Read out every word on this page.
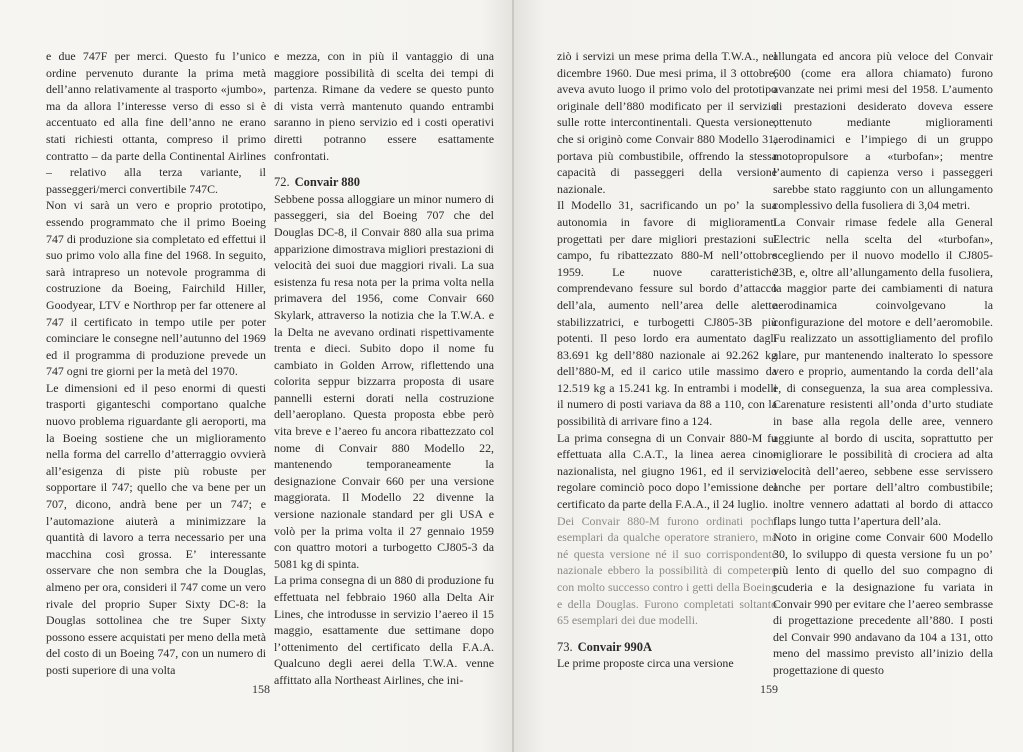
e due 747F per merci. Questo fu l’unico ordine pervenuto durante la prima metà dell’anno relativamente al trasporto «jumbo», ma da allora l’interesse verso di esso si è accentuato ed alla fine dell’anno ne erano stati richiesti ottanta, compreso il primo contratto – da parte della Continental Airlines – relativo alla terza variante, il passeggeri/merci convertibile 747C.

Non vi sarà un vero e proprio prototipo, essendo programmato che il primo Boeing 747 di produzione sia completato ed effettui il suo primo volo alla fine del 1968. In seguito, sarà intrapreso un notevole programma di costruzione da Boeing, Fairchild Hiller, Goodyear, LTV e Northrop per far ottenere al 747 il certificato in tempo utile per poter cominciare le consegne nell’autunno del 1969 ed il programma di produzione prevede un 747 ogni tre giorni per la metà del 1970.

Le dimensioni ed il peso enormi di questi trasporti giganteschi comportano qualche nuovo problema riguardante gli aeroporti, ma la Boeing sostiene che un miglioramento nella forma del carrello d’atterraggio ovvierà all’esigenza di piste più robuste per sopportare il 747; quello che va bene per un 707, dicono, andrà bene per un 747; e l’automazione aiuterà a minimizzare la quantità di lavoro a terra necessario per una macchina così grossa. E’ interessante osservare che non sembra che la Douglas, almeno per ora, consideri il 747 come un vero rivale del proprio Super Sixty DC-8: la Douglas sottolinea che tre Super Sixty possono essere acquistati per meno della metà del costo di un Boeing 747, con un numero di posti superiore di una volta

e mezza, con in più il vantaggio di una maggiore possibilità di scelta dei tempi di partenza. Rimane da vedere se questo punto di vista verrà mantenuto quando entrambi saranno in pieno servizio ed i costi operativi diretti potranno essere esattamente confrontati.

72. Convair 880

Sebbene possa alloggiare un minor numero di passeggeri, sia del Boeing 707 che del Douglas DC-8, il Convair 880 alla sua prima apparizione dimostrava migliori prestazioni di velocità dei suoi due maggiori rivali. La sua esistenza fu resa nota per la prima volta nella primavera del 1956, come Convair 660 Skylark, attraverso la notizia che la T.W.A. e la Delta ne avevano ordinati rispettivamente trenta e dieci. Subito dopo il nome fu cambiato in Golden Arrow, riflettendo una colorita seppur bizzarra proposta di usare pannelli esterni dorati nella costruzione dell’aeroplano. Questa proposta ebbe però vita breve e l’aereo fu ancora ribattezzato col nome di Convair 880 Modello 22, mantenendo temporaneamente la designazione Convair 660 per una versione maggiorata. Il Modello 22 divenne la versione nazionale standard per gli USA e volò per la prima volta il 27 gennaio 1959 con quattro motori a turbogetto CJ805-3 da 5081 kg di spinta.

La prima consegna di un 880 di produzione fu effettuata nel febbraio 1960 alla Delta Air Lines, che introdusse in servizio l’aereo il 15 maggio, esattamente due settimane dopo l’ottenimento del certificato della F.A.A. Qualcuno degli aerei della T.W.A. venne affittato alla Northeast Airlines, che ini-

158

ziò i servizi un mese prima della T.W.A., nel dicembre 1960. Due mesi prima, il 3 ottobre, aveva avuto luogo il primo volo del prototipo originale dell’880 modificato per il servizio sulle rotte intercontinentali. Questa versione, che si originò come Convair 880 Modello 31, portava più combustibile, offrendo la stessa capacità di passeggeri della versione nazionale.

Il Modello 31, sacrificando un po’ la sua autonomia in favore di miglioramenti progettati per dare migliori prestazioni sul campo, fu ribattezzato 880-M nell’ottobre 1959. Le nuove caratteristiche comprendevano fessure sul bordo d’attacco dell’ala, aumento nell’area delle alette stabilizzatrici, e turbogetti CJ805-3B più potenti. Il peso lordo era aumentato dagli 83.691 kg dell’880 nazionale ai 92.262 kg dell’880-M, ed il carico utile massimo da 12.519 kg a 15.241 kg. In entrambi i modelli il numero di posti variava da 88 a 110, con la possibilità di arrivare fino a 124.

La prima consegna di un Convair 880-M fu effettuata alla C.A.T., la linea aerea cino-nazionalista, nel giugno 1961, ed il servizio regolare cominciò poco dopo l’emissione del certificato da parte della F.A.A., il 24 luglio.

Dei Convair 880-M furono ordinati pochi esemplari da qualche operatore straniero, ma né questa versione né il suo corrispondente nazionale ebbero la possibilità di competere con molto successo contro i getti della Boeing e della Douglas. Furono completati soltanto 65 esemplari dei due modelli.

73. Convair 990A

Le prime proposte circa una versione

allungata ed ancora più veloce del Convair 600 (come era allora chiamato) furono avanzate nei primi mesi del 1958. L’aumento di prestazioni desiderato doveva essere ottenuto mediante miglioramenti aerodinamici e l’impiego di un gruppo motopropulsore a «turbofan»; mentre l’aumento di capienza verso i passeggeri sarebbe stato raggiunto con un allungamento complessivo della fusoliera di 3,04 metri.

La Convair rimase fedele alla General Electric nella scelta del «turbofan», scegliendo per il nuovo modello il CJ805-23B, e, oltre all’allungamento della fusoliera, la maggior parte dei cambiamenti di natura aerodinamica coinvolgevano la configurazione del motore e dell’aeromobile. Fu realizzato un assottigliamento del profilo alare, pur mantenendo inalterato lo spessore vero e proprio, aumentando la corda dell’ala e, di conseguenza, la sua area complessiva. Carenature resistenti all’onda d’urto studiate in base alla regola delle aree, vennero aggiunte al bordo di uscita, soprattutto per migliorare le possibilità di crociera ad alta velocità dell’aereo, sebbene esse servissero anche per portare dell’altro combustibile; inoltre vennero adattati al bordo di attacco flaps lungo tutta l’apertura dell’ala.

Noto in origine come Convair 600 Modello 30, lo sviluppo di questa versione fu un po’ più lento di quello del suo compagno di scuderia e la designazione fu variata in Convair 990 per evitare che l’aereo sembrasse di progettazione precedente all’880. I posti del Convair 990 andavano da 104 a 131, otto meno del massimo previsto all’inizio della progettazione di questo

159
